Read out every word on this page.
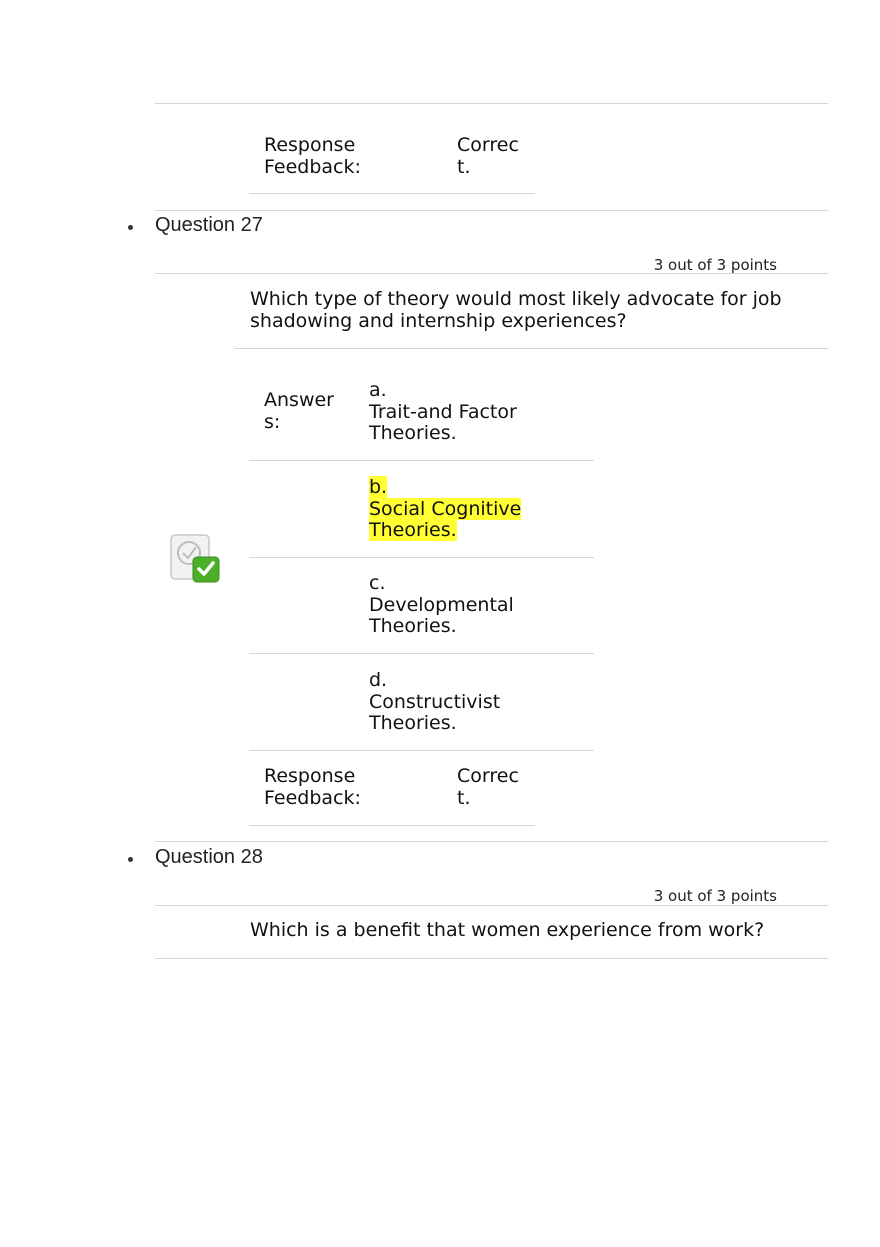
Response
Feedback:
Correc
t.
Question 27
3 out of 3 points
Which type of theory would most likely advocate for job shadowing and internship experiences?
Answer
s:
a.
Trait-and Factor Theories.
b.
Social Cognitive Theories.
c.
Developmental Theories.
d.
Constructivist Theories.
Response
Feedback:
Correc
t.
Question 28
3 out of 3 points
Which is a benefit that women experience from work?
